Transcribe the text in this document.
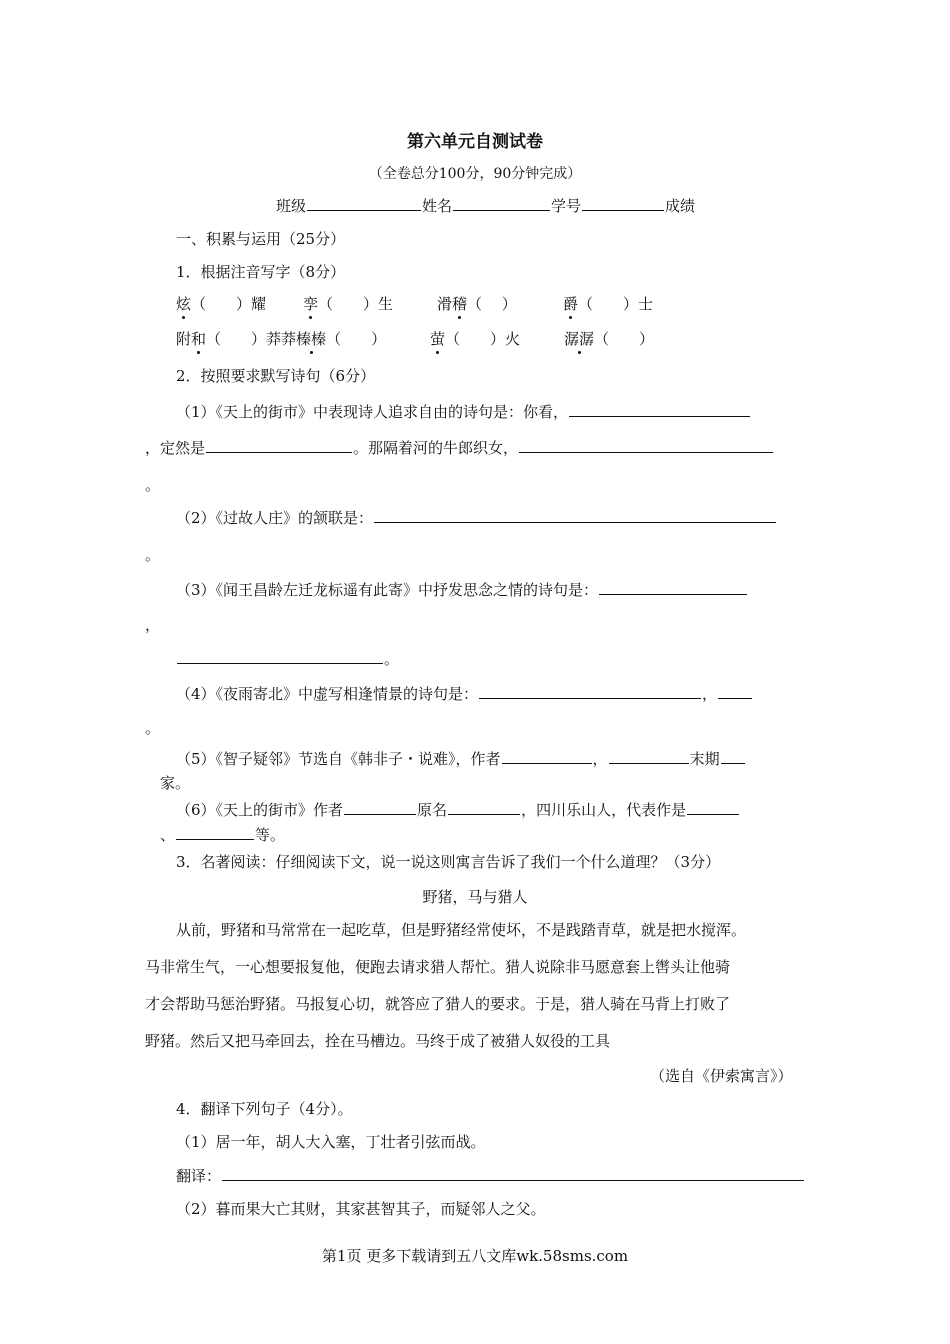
第六单元自测试卷
（全卷总分100分，90分钟完成）
班级	姓名	学号	成绩
一、积累与运用（25分）
1．根据注音写字（8分）
炫（　　）耀 孪（　　）生	滑稽（　 ）	爵（　　）士
附和（　　）莽莽榛榛（　　）	萤（　　）火	潺潺（　　）
2．按照要求默写诗句（6分）
（1）《天上的街市》中表现诗人追求自由的诗句是：你看，
，定然是	。那隔着河的牛郎织女，
。
（2）《过故人庄》的颔联是：
。
（3）《闻王昌龄左迁龙标遥有此寄》中抒发思念之情的诗句是：
，
。
（4）《夜雨寄北》中虚写相逢情景的诗句是：	，
。
（5）《智子疑邻》节选自《韩非子・说难》，作者	，	末期
家。
（6）《天上的街市》作者	原名	，四川乐山人，代表作是
、	等。
3．名著阅读：仔细阅读下文，说一说这则寓言告诉了我们一个什么道理？（3分）
野猪，马与猎人
从前，野猪和马常常在一起吃草，但是野猪经常使坏，不是践踏青草，就是把水搅浑。
马非常生气，一心想要报复他，便跑去请求猎人帮忙。猎人说除非马愿意套上辔头让他骑
才会帮助马惩治野猪。马报复心切，就答应了猎人的要求。于是，猎人骑在马背上打败了
野猪。然后又把马牵回去，拴在马槽边。马终于成了被猎人奴役的工具
（选自《伊索寓言》）
4．翻译下列句子（4分）。
（1）居一年，胡人大入塞，丁壮者引弦而战。
翻译：
（2）暮而果大亡其财，其家甚智其子，而疑邻人之父。
第1页 更多下载请到五八文库wk.58sms.com
